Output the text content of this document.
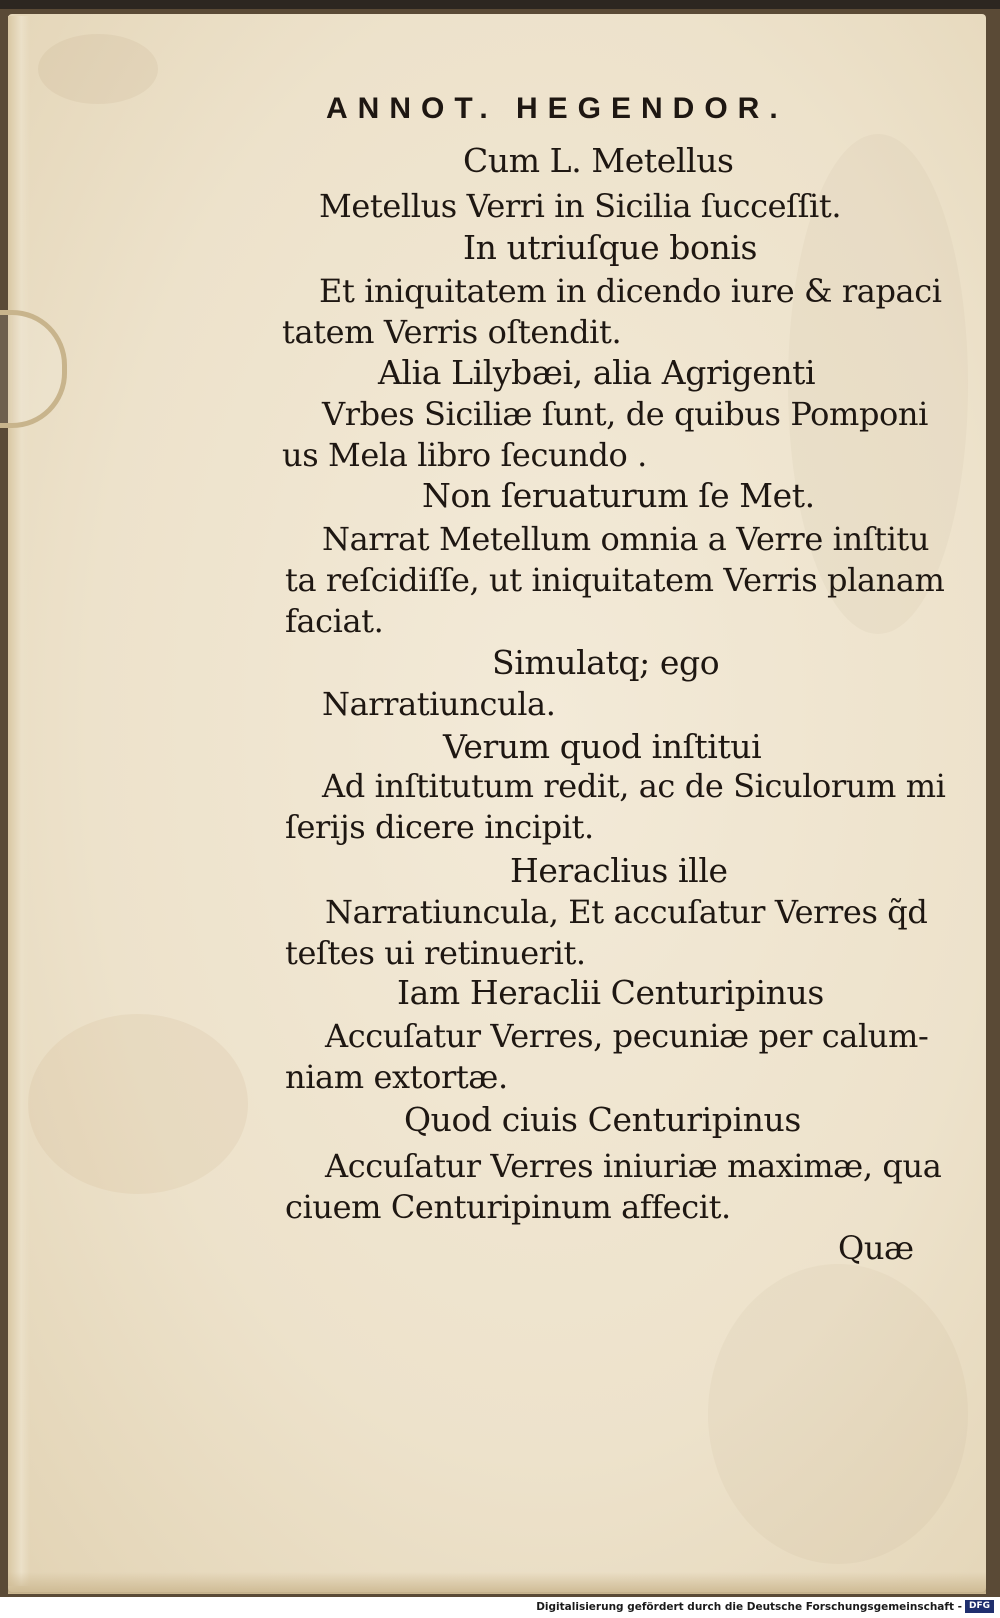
ANNOT. HEGENDOR.
Cum L. Metellus
Metellus Verri in Sicilia ſucceſſit.
In utriuſque bonis
Et iniquitatem in dicendo iure & rapaci
tatem Verris oſtendit.
Alia Lilybæi, alia Agrigenti
Vrbes Siciliæ ſunt, de quibus Pomponi
us Mela libro ſecundo .
Non ſeruaturum ſe Met.
Narrat Metellum omnia a Verre inſtitu
ta reſcidiſſe, ut iniquitatem Verris planam
faciat.
Simulatq; ego
Narratiuncula.
Verum quod inſtitui
Ad inſtitutum redit, ac de Siculorum mi
ſerijs dicere incipit.
Heraclius ille
Narratiuncula, Et accuſatur Verres q̃d
teſtes ui retinuerit.
Iam Heraclii Centuripinus
Accuſatur Verres, pecuniæ per calum-
niam extortæ.
Quod ciuis Centuripinus
Accuſatur Verres iniuriæ maximæ, qua
ciuem Centuripinum affecit.
Quæ
Digitalisierung gefördert durch die Deutsche Forschungsgemeinschaft - DFG
